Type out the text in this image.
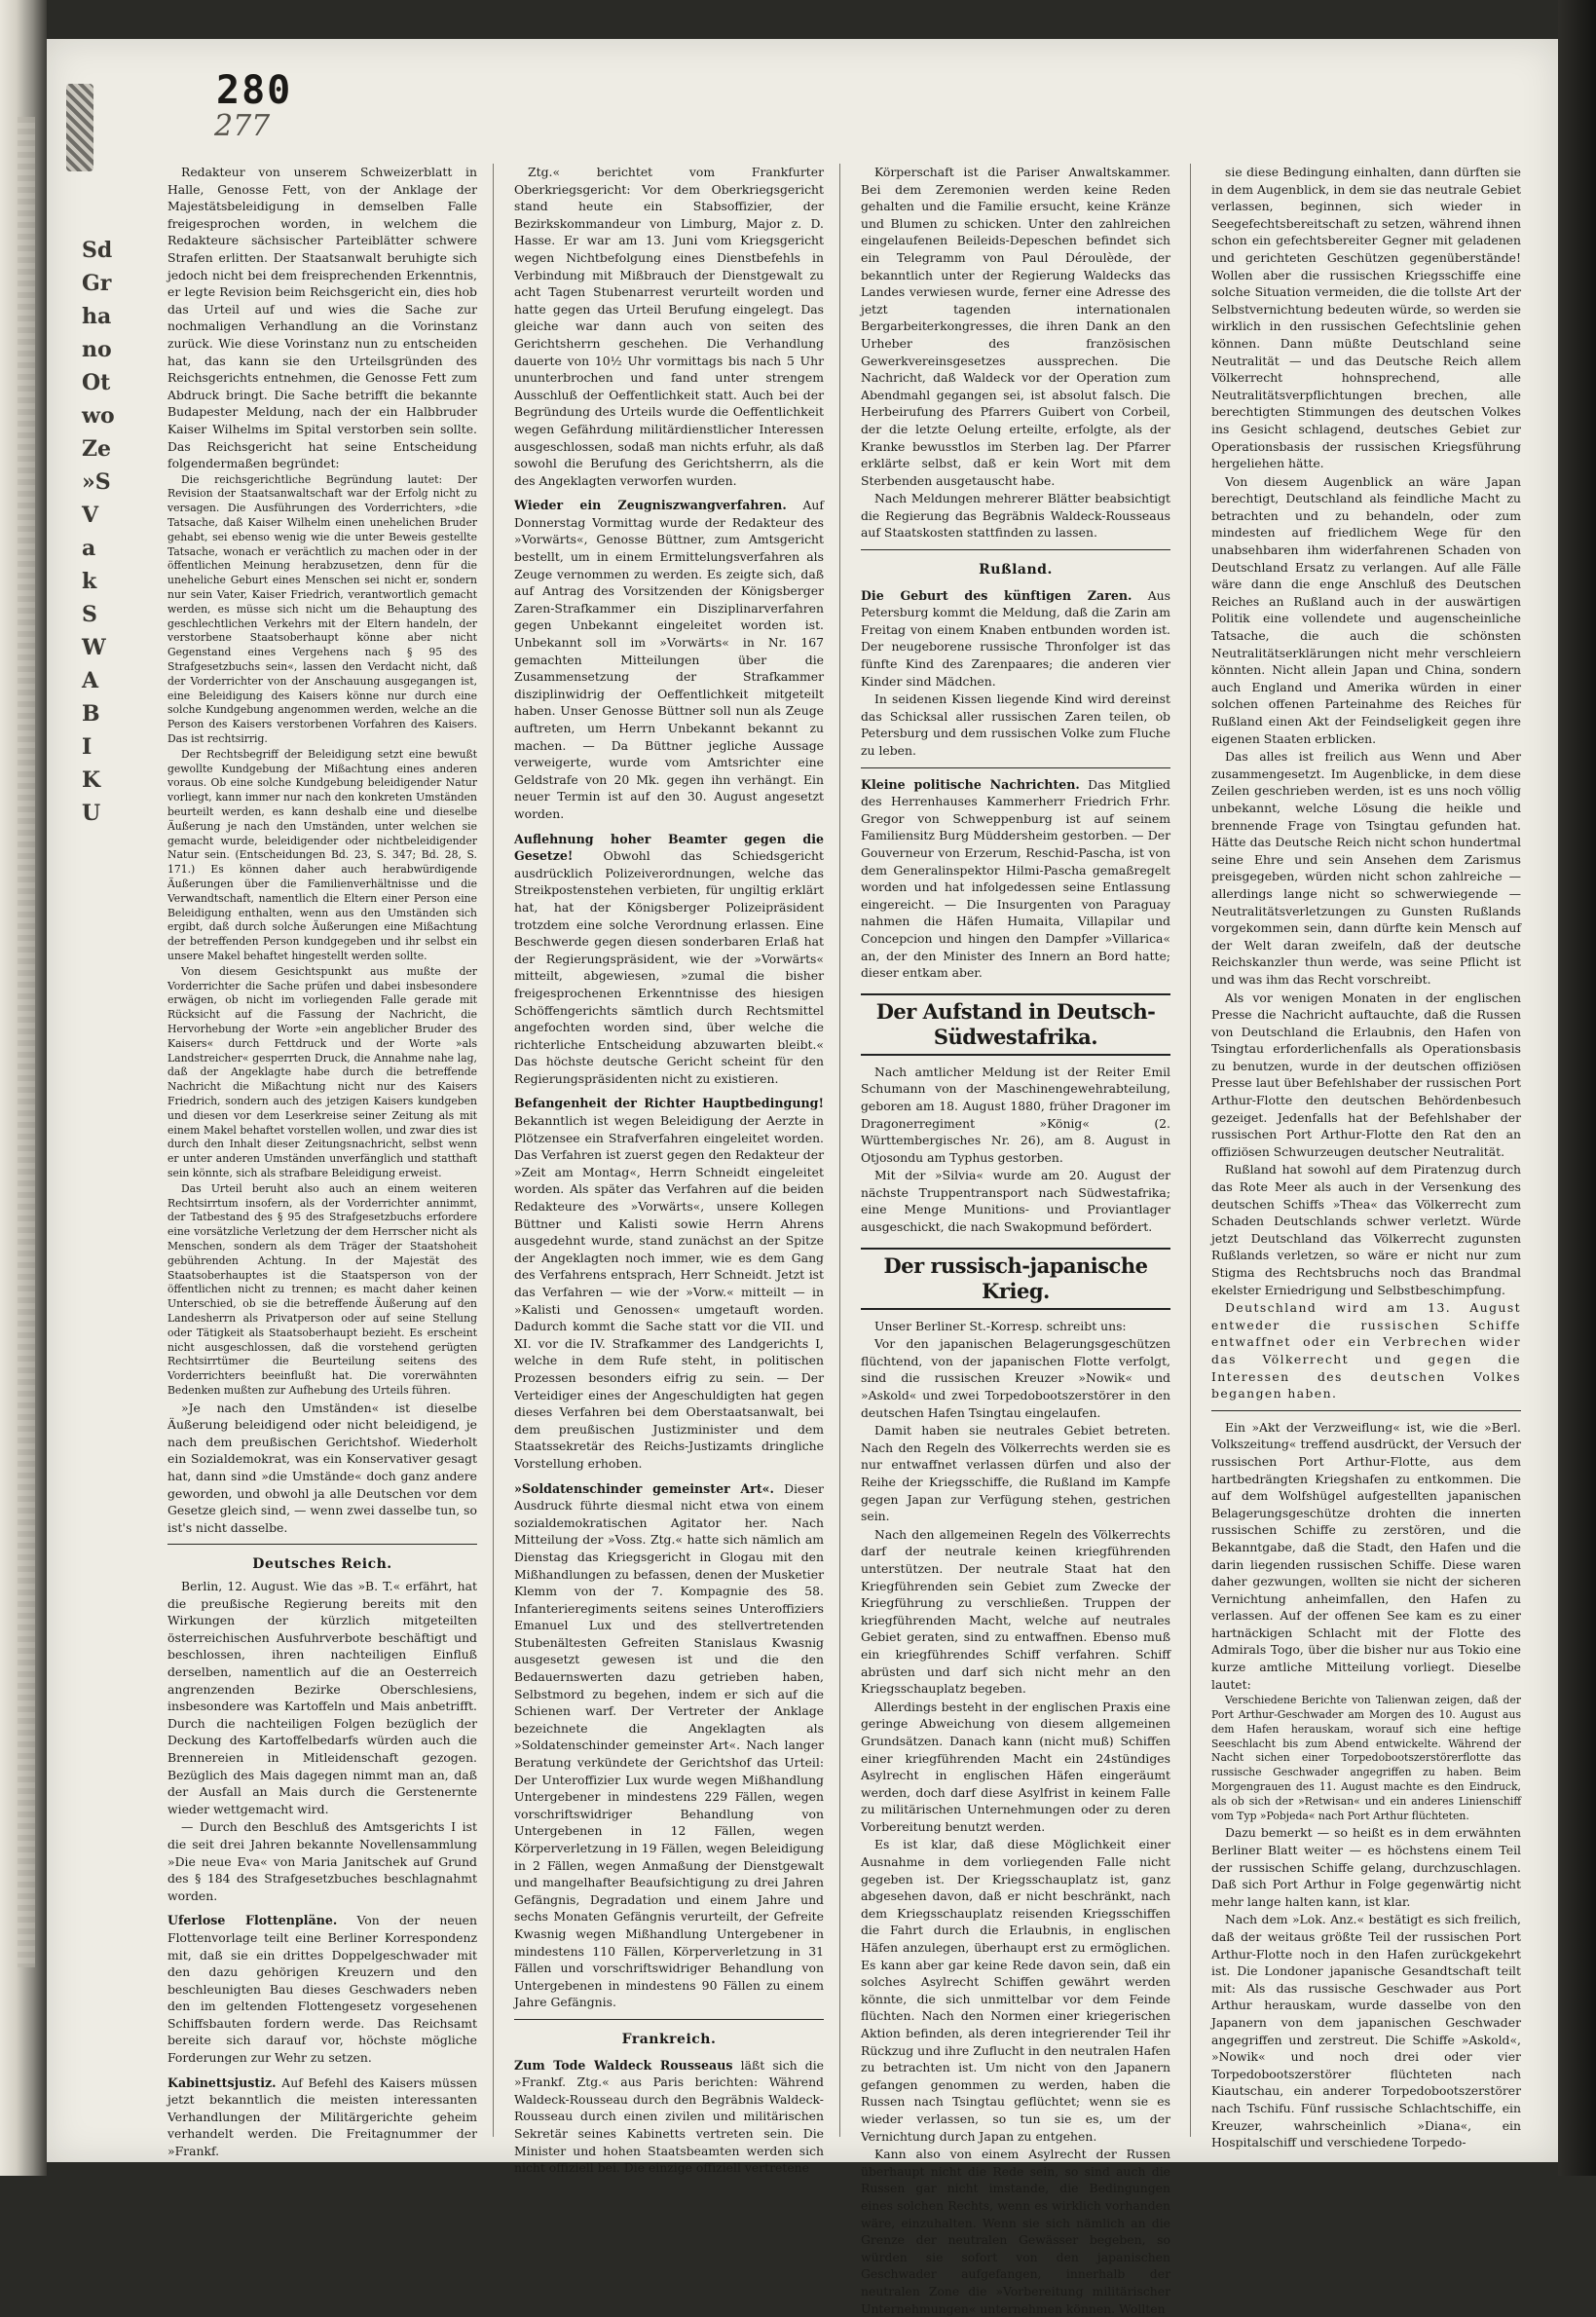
280
277
Sd
Gr
ha
no
Ot
wo
Ze
»S
V
a
k
S
W
A
B
I
K
U

Redakteur von unserem Schweizerblatt in Halle, Genosse Fett, von der Anklage der Majestätsbeleidigung in demselben Falle freigesprochen worden, in welchem die Redakteure sächsischer Parteiblätter schwere Strafen erlitten. Der Staatsanwalt beruhigte sich jedoch nicht bei dem freisprechenden Erkenntnis, er legte Revision beim Reichsgericht ein, dies hob das Urteil auf und wies die Sache zur nochmaligen Verhandlung an die Vorinstanz zurück. Wie diese Vorinstanz nun zu entscheiden hat, das kann sie den Urteilsgründen des Reichsgerichts entnehmen, die Genosse Fett zum Abdruck bringt. Die Sache betrifft die bekannte Budapester Meldung, nach der ein Halbbruder Kaiser Wilhelms im Spital verstorben sein sollte. Das Reichsgericht hat seine Entscheidung folgendermaßen begründet:

Die reichsgerichtliche Begründung lautet: Der Revision der Staatsanwaltschaft war der Erfolg nicht zu versagen. Die Ausführungen des Vorderrichters, »die Tatsache, daß Kaiser Wilhelm einen unehelichen Bruder gehabt, sei ebenso wenig wie die unter Beweis gestellte Tatsache, wonach er verächtlich zu machen oder in der öffentlichen Meinung herabzusetzen, denn für die uneheliche Geburt eines Menschen sei nicht er, sondern nur sein Vater, Kaiser Friedrich, verantwortlich gemacht werden, es müsse sich nicht um die Behauptung des geschlechtlichen Verkehrs mit der Eltern handeln, der verstorbene Staatsoberhaupt könne aber nicht Gegenstand eines Vergehens nach § 95 des Strafgesetzbuchs sein«, lassen den Verdacht nicht, daß der Vorderrichter von der Anschauung ausgegangen ist, eine Beleidigung des Kaisers könne nur durch eine solche Kundgebung angenommen werden, welche an die Person des Kaisers verstorbenen Vorfahren des Kaisers. Das ist rechtsirrig.

Der Rechtsbegriff der Beleidigung setzt eine bewußt gewollte Kundgebung der Mißachtung eines anderen voraus. Ob eine solche Kundgebung beleidigender Natur vorliegt, kann immer nur nach den konkreten Umständen beurteilt werden, es kann deshalb eine und dieselbe Äußerung je nach den Umständen, unter welchen sie gemacht wurde, beleidigender oder nichtbeleidigender Natur sein. (Entscheidungen Bd. 23, S. 347; Bd. 28, S. 171.) Es können daher auch herabwürdigende Äußerungen über die Familienverhältnisse und die Verwandtschaft, namentlich die Eltern einer Person eine Beleidigung enthalten, wenn aus den Umständen sich ergibt, daß durch solche Äußerungen eine Mißachtung der betreffenden Person kundgegeben und ihr selbst ein unsere Makel behaftet hingestellt werden sollte.

Von diesem Gesichtspunkt aus mußte der Vorderrichter die Sache prüfen und dabei insbesondere erwägen, ob nicht im vorliegenden Falle gerade mit Rücksicht auf die Fassung der Nachricht, die Hervorhebung der Worte »ein angeblicher Bruder des Kaisers« durch Fettdruck und der Worte »als Landstreicher« gesperrten Druck, die Annahme nahe lag, daß der Angeklagte habe durch die betreffende Nachricht die Mißachtung nicht nur des Kaisers Friedrich, sondern auch des jetzigen Kaisers kundgeben und diesen vor dem Leserkreise seiner Zeitung als mit einem Makel behaftet vorstellen wollen, und zwar dies ist durch den Inhalt dieser Zeitungsnachricht, selbst wenn er unter anderen Umständen unverfänglich und statthaft sein könnte, sich als strafbare Beleidigung erweist.

Das Urteil beruht also auch an einem weiteren Rechtsirrtum insofern, als der Vorderrichter annimmt, der Tatbestand des § 95 des Strafgesetzbuchs erfordere eine vorsätzliche Verletzung der dem Herrscher nicht als Menschen, sondern als dem Träger der Staatshoheit gebührenden Achtung. In der Majestät des Staatsoberhauptes ist die Staatsperson von der öffentlichen nicht zu trennen; es macht daher keinen Unterschied, ob sie die betreffende Äußerung auf den Landesherrn als Privatperson oder auf seine Stellung oder Tätigkeit als Staatsoberhaupt bezieht. Es erscheint nicht ausgeschlossen, daß die vorstehend gerügten Rechtsirrtümer die Beurteilung seitens des Vorderrichters beeinflußt hat. Die vorerwähnten Bedenken mußten zur Aufhebung des Urteils führen.

»Je nach den Umständen« ist dieselbe Äußerung beleidigend oder nicht beleidigend, je nach dem preußischen Gerichtshof. Wiederholt ein Sozialdemokrat, was ein Konservativer gesagt hat, dann sind »die Umstände« doch ganz andere geworden, und obwohl ja alle Deutschen vor dem Gesetze gleich sind, — wenn zwei dasselbe tun, so ist's nicht dasselbe.

Deutsches Reich.

Berlin, 12. August. Wie das »B. T.« erfährt, hat die preußische Regierung bereits mit den Wirkungen der kürzlich mitgeteilten österreichischen Ausfuhrverbote beschäftigt und beschlossen, ihren nachteiligen Einfluß derselben, namentlich auf die an Oesterreich angrenzenden Bezirke Oberschlesiens, insbesondere was Kartoffeln und Mais anbetrifft. Durch die nachteiligen Folgen bezüglich der Deckung des Kartoffelbedarfs würden auch die Brennereien in Mitleidenschaft gezogen. Bezüglich des Mais dagegen nimmt man an, daß der Ausfall an Mais durch die Gerstenernte wieder wettgemacht wird.

— Durch den Beschluß des Amtsgerichts I ist die seit drei Jahren bekannte Novellensammlung »Die neue Eva« von Maria Janitschek auf Grund des § 184 des Strafgesetzbuches beschlagnahmt worden.

Uferlose Flottenpläne. Von der neuen Flottenvorlage teilt eine Berliner Korrespondenz mit, daß sie ein drittes Doppelgeschwader mit den dazu gehörigen Kreuzern und den beschleunigten Bau dieses Geschwaders neben den im geltenden Flottengesetz vorgesehenen Schiffsbauten fordern werde. Das Reichsamt bereite sich darauf vor, höchste mögliche Forderungen zur Wehr zu setzen.

Kabinettsjustiz. Auf Befehl des Kaisers müssen jetzt bekanntlich die meisten interessanten Verhandlungen der Militärgerichte geheim verhandelt werden. Die Freitagnummer der »Frankf.

Ztg.« berichtet vom Frankfurter Oberkriegsgericht: Vor dem Oberkriegsgericht stand heute ein Stabsoffizier, der Bezirkskommandeur von Limburg, Major z. D. Hasse. Er war am 13. Juni vom Kriegsgericht wegen Nichtbefolgung eines Dienstbefehls in Verbindung mit Mißbrauch der Dienstgewalt zu acht Tagen Stubenarrest verurteilt worden und hatte gegen das Urteil Berufung eingelegt. Das gleiche war dann auch von seiten des Gerichtsherrn geschehen. Die Verhandlung dauerte von 10½ Uhr vormittags bis nach 5 Uhr ununterbrochen und fand unter strengem Ausschluß der Oeffentlichkeit statt. Auch bei der Begründung des Urteils wurde die Oeffentlichkeit wegen Gefährdung militärdienstlicher Interessen ausgeschlossen, sodaß man nichts erfuhr, als daß sowohl die Berufung des Gerichtsherrn, als die des Angeklagten verworfen wurden.

Wieder ein Zeugniszwangverfahren. Auf Donnerstag Vormittag wurde der Redakteur des »Vorwärts«, Genosse Büttner, zum Amtsgericht bestellt, um in einem Ermittelungsverfahren als Zeuge vernommen zu werden. Es zeigte sich, daß auf Antrag des Vorsitzenden der Königsberger Zaren-Strafkammer ein Disziplinarverfahren gegen Unbekannt eingeleitet worden ist. Unbekannt soll im »Vorwärts« in Nr. 167 gemachten Mitteilungen über die Zusammensetzung der Strafkammer disziplinwidrig der Oeffentlichkeit mitgeteilt haben. Unser Genosse Büttner soll nun als Zeuge auftreten, um Herrn Unbekannt bekannt zu machen. — Da Büttner jegliche Aussage verweigerte, wurde vom Amtsrichter eine Geldstrafe von 20 Mk. gegen ihn verhängt. Ein neuer Termin ist auf den 30. August angesetzt worden.

Auflehnung hoher Beamter gegen die Gesetze!	Obwohl das Schiedsgericht ausdrücklich Polizeiverordnungen, welche das Streikpostenstehen verbieten, für ungiltig erklärt hat, hat der Königsberger Polizeipräsident trotzdem eine solche Verordnung erlassen. Eine Beschwerde gegen diesen sonderbaren Erlaß hat der Regierungspräsident, wie der »Vorwärts« mitteilt, abgewiesen, »zumal die bisher freigesprochenen Erkenntnisse des hiesigen Schöffengerichts sämtlich durch Rechtsmittel angefochten worden sind, über welche die richterliche Entscheidung abzuwarten bleibt.« Das höchste deutsche Gericht scheint für den Regierungspräsidenten nicht zu existieren.

Befangenheit der Richter Hauptbedingung! Bekanntlich ist wegen Beleidigung der Aerzte in Plötzensee ein Strafverfahren eingeleitet worden. Das Verfahren ist zuerst gegen den Redakteur der »Zeit am Montag«, Herrn Schneidt eingeleitet worden. Als später das Verfahren auf die beiden Redakteure des »Vorwärts«, unsere Kollegen Büttner und Kalisti sowie Herrn Ahrens ausgedehnt wurde, stand zunächst an der Spitze der Angeklagten noch immer, wie es dem Gang des Verfahrens entsprach, Herr Schneidt. Jetzt ist das Verfahren — wie der »Vorw.« mitteilt — in »Kalisti und Genossen« umgetauft worden. Dadurch kommt die Sache statt vor die VII. und XI. vor die IV. Strafkammer des Landgerichts I, welche in dem Rufe steht, in politischen Prozessen besonders eifrig zu sein. — Der Verteidiger eines der Angeschuldigten hat gegen dieses Verfahren bei dem Oberstaatsanwalt, bei dem preußischen Justizminister und dem Staatssekretär des Reichs-Justizamts dringliche Vorstellung erhoben.

»Soldatenschinder gemeinster Art«. Dieser Ausdruck führte diesmal nicht etwa von einem sozialdemokratischen Agitator her. Nach Mitteilung der »Voss. Ztg.« hatte sich nämlich am Dienstag das Kriegsgericht in Glogau mit den Mißhandlungen zu befassen, denen der Musketier Klemm von der 7. Kompagnie des 58. Infanterieregiments seitens seines Unteroffiziers Emanuel Lux und des stellvertretenden Stubenältesten Gefreiten Stanislaus Kwasnig ausgesetzt gewesen ist und die den Bedauernswerten dazu getrieben haben, Selbstmord zu begehen, indem er sich auf die Schienen warf. Der Vertreter der Anklage bezeichnete die Angeklagten als »Soldatenschinder gemeinster Art«. Nach langer Beratung verkündete der Gerichtshof das Urteil: Der Unteroffizier Lux wurde wegen Mißhandlung Untergebener in mindestens 229 Fällen, wegen vorschriftswidriger Behandlung von Untergebenen in 12 Fällen, wegen Körperverletzung in 19 Fällen, wegen Beleidigung in 2 Fällen, wegen Anmaßung der Dienstgewalt und mangelhafter Beaufsichtigung zu drei Jahren Gefängnis, Degradation und einem Jahre und sechs Monaten Gefängnis verurteilt, der Gefreite Kwasnig wegen Mißhandlung Untergebener in mindestens 110 Fällen, Körperverletzung in 31 Fällen und vorschriftswidriger Behandlung von Untergebenen in mindestens 90 Fällen zu einem Jahre Gefängnis.

Frankreich.

Zum Tode Waldeck Rousseaus läßt sich die »Frankf. Ztg.« aus Paris berichten: Während Waldeck-Rousseau durch den Begräbnis Waldeck-Rousseau durch einen zivilen und militärischen Sekretär seines Kabinetts vertreten sein. Die Minister und hohen Staatsbeamten werden sich nicht offiziell bei. Die einzige offiziell vertretene

Körperschaft ist die Pariser Anwaltskammer. Bei dem Zeremonien werden keine Reden gehalten und die Familie ersucht, keine Kränze und Blumen zu schicken. Unter den zahlreichen eingelaufenen Beileids-Depeschen befindet sich ein Telegramm von Paul Déroulède, der bekanntlich unter der Regierung Waldecks das Landes verwiesen wurde, ferner eine Adresse des jetzt tagenden internationalen Bergarbeiterkongresses, die ihren Dank an den Urheber des französischen Gewerkvereinsgesetzes aussprechen. Die Nachricht, daß Waldeck vor der Operation zum Abendmahl gegangen sei, ist absolut falsch. Die Herbeirufung des Pfarrers Guibert von Corbeil, der die letzte Oelung erteilte, erfolgte, als der Kranke bewusstlos im Sterben lag. Der Pfarrer erklärte selbst, daß er kein Wort mit dem Sterbenden ausgetauscht habe.

Nach Meldungen mehrerer Blätter beabsichtigt die Regierung das Begräbnis Waldeck-Rousseaus auf Staatskosten stattfinden zu lassen.

Rußland.

Die Geburt des künftigen Zaren. Aus Petersburg kommt die Meldung, daß die Zarin am Freitag von einem Knaben entbunden worden ist. Der neugeborene russische Thronfolger ist das fünfte Kind des Zarenpaares; die anderen vier Kinder sind Mädchen.

In seidenen Kissen liegende Kind wird dereinst das Schicksal aller russischen Zaren teilen, ob Petersburg und dem russischen Volke zum Fluche zu leben.

Kleine politische Nachrichten. Das Mitglied des Herrenhauses Kammerherr Friedrich Frhr. Gregor von Schweppenburg ist auf seinem Familiensitz Burg Müddersheim gestorben. — Der Gouverneur von Erzerum, Reschid-Pascha, ist von dem Generalinspektor Hilmi-Pascha gemaßregelt worden und hat infolgedessen seine Entlassung eingereicht. — Die Insurgenten von Paraguay nahmen die Häfen Humaita, Villapilar und Concepcion und hingen den Dampfer »Villarica« an, der den Minister des Innern an Bord hatte; dieser entkam aber.

Der Aufstand in Deutsch-Südwestafrika.

Nach amtlicher Meldung ist der Reiter Emil Schumann von der Maschinengewehrabteilung, geboren am 18. August 1880, früher Dragoner im Dragonerregiment »König« (2. Württembergisches Nr. 26), am 8. August in Otjosondu am Typhus gestorben.

Mit der »Silvia« wurde am 20. August der nächste Truppentransport nach Südwestafrika; eine Menge Munitions- und Proviantlager ausgeschickt, die nach Swakopmund befördert.

Der russisch-japanische Krieg.

Unser Berliner St.-Korresp. schreibt uns:

Vor den japanischen Belagerungsgeschützen flüchtend, von der japanischen Flotte verfolgt, sind die russischen Kreuzer »Nowik« und »Askold« und zwei Torpedobootszerstörer in den deutschen Hafen Tsingtau eingelaufen.

Damit haben sie neutrales Gebiet betreten. Nach den Regeln des Völkerrechts werden sie es nur entwaffnet verlassen dürfen und also der Reihe der Kriegsschiffe, die Rußland im Kampfe gegen Japan zur Verfügung stehen, gestrichen sein.

Nach den allgemeinen Regeln des Völkerrechts darf der neutrale keinen kriegführenden unterstützen. Der neutrale Staat hat den Kriegführenden sein Gebiet zum Zwecke der Kriegführung zu verschließen. Truppen der kriegführenden Macht, welche auf neutrales Gebiet geraten, sind zu entwaffnen. Ebenso muß ein kriegführendes Schiff verfahren. Schiff abrüsten und darf sich nicht mehr an den Kriegsschauplatz begeben.

Allerdings besteht in der englischen Praxis eine geringe Abweichung von diesem allgemeinen Grundsätzen. Danach kann (nicht muß) Schiffen einer kriegführenden Macht ein 24stündiges Asylrecht in englischen Häfen eingeräumt werden, doch darf diese Asylfrist in keinem Falle zu militärischen Unternehmungen oder zu deren Vorbereitung benutzt werden.

Es ist klar, daß diese Möglichkeit einer Ausnahme in dem vorliegenden Falle nicht gegeben ist. Der Kriegsschauplatz ist, ganz abgesehen davon, daß er nicht beschränkt, nach dem Kriegsschauplatz reisenden Kriegsschiffen die Fahrt durch die Erlaubnis, in englischen Häfen anzulegen, überhaupt erst zu ermöglichen. Es kann aber gar keine Rede davon sein, daß ein solches Asylrecht Schiffen gewährt werden könnte, die sich unmittelbar vor dem Feinde flüchten. Nach den Normen einer kriegerischen Aktion befinden, als deren integrierender Teil ihr Rückzug und ihre Zuflucht in den neutralen Hafen zu betrachten ist. Um nicht von den Japanern gefangen genommen zu werden, haben die Russen nach Tsingtau geflüchtet; wenn sie es wieder verlassen, so tun sie es, um der Vernichtung durch Japan zu entgehen.

Kann also von einem Asylrecht der Russen überhaupt nicht die Rede sein, so sind auch die Russen gar nicht imstande, die Bedingungen eines solchen Rechts, wenn es wirklich vorhanden wäre, einzuhalten. Wenn sie sich nämlich an die Grenze der neutralen Gewässer begeben, so würden sie sofort von den japanischen Geschwader aufgefangen, innerhalb der neutralen Zone die »Vorbereitung militärischer Unternehmungen« unternehmen können. Wollten

sie diese Bedingung einhalten, dann dürften sie in dem Augenblick, in dem sie das neutrale Gebiet verlassen, beginnen, sich wieder in Seegefechtsbereitschaft zu setzen, während ihnen schon ein gefechtsbereiter Gegner mit geladenen und gerichteten Geschützen gegenüberstände! Wollen aber die russischen Kriegsschiffe eine solche Situation vermeiden, die die tollste Art der Selbstvernichtung bedeuten würde, so werden sie wirklich in den russischen Gefechtslinie gehen können. Dann müßte Deutschland seine Neutralität — und das Deutsche Reich allem Völkerrecht hohnsprechend, alle Neutralitätsverpflichtungen brechen, alle berechtigten Stimmungen des deutschen Volkes ins Gesicht schlagend, deutsches Gebiet zur Operationsbasis der russischen Kriegsführung hergeliehen hätte.

Von diesem Augenblick an wäre Japan berechtigt, Deutschland als feindliche Macht zu betrachten und zu behandeln, oder zum mindesten auf friedlichem Wege für den unabsehbaren ihm widerfahrenen Schaden von Deutschland Ersatz zu verlangen. Auf alle Fälle wäre dann die enge Anschluß des Deutschen Reiches an Rußland auch in der auswärtigen Politik eine vollendete und augenscheinliche Tatsache, die auch die schönsten Neutralitätserklärungen nicht mehr verschleiern könnten. Nicht allein Japan und China, sondern auch England und Amerika würden in einer solchen offenen Parteinahme des Reiches für Rußland einen Akt der Feindseligkeit gegen ihre eigenen Staaten erblicken.

Das alles ist freilich aus Wenn und Aber zusammengesetzt. Im Augenblicke, in dem diese Zeilen geschrieben werden, ist es uns noch völlig unbekannt, welche Lösung die heikle und brennende Frage von Tsingtau gefunden hat. Hätte das Deutsche Reich nicht schon hundertmal seine Ehre und sein Ansehen dem Zarismus preisgegeben, würden nicht schon zahlreiche — allerdings lange nicht so schwerwiegende — Neutralitätsverletzungen zu Gunsten Rußlands vorgekommen sein, dann dürfte kein Mensch auf der Welt daran zweifeln, daß der deutsche Reichskanzler thun werde, was seine Pflicht ist und was ihm das Recht vorschreibt.

Als vor wenigen Monaten in der englischen Presse die Nachricht auftauchte, daß die Russen von Deutschland die Erlaubnis, den Hafen von Tsingtau erforderlichenfalls als Operationsbasis zu benutzen, wurde in der deutschen offiziösen Presse laut über Befehlshaber der russischen Port Arthur-Flotte den deutschen Behördenbesuch gezeiget. Jedenfalls hat der Befehlshaber der russischen Port Arthur-Flotte den Rat den an offiziösen Schwurzeugen deutscher Neutralität.

Rußland hat sowohl auf dem Piratenzug durch das Rote Meer als auch in der Versenkung des deutschen Schiffs »Thea« das Völkerrecht zum Schaden Deutschlands schwer verletzt. Würde jetzt Deutschland das Völkerrecht zugunsten Rußlands verletzen, so wäre er nicht nur zum Stigma des Rechtsbruchs noch das Brandmal ekelster Erniedrigung und Selbstbeschimpfung.

Deutschland wird am 13. August entweder die russischen Schiffe entwaffnet oder ein Verbrechen wider das Völkerrecht und gegen die Interessen des deutschen Volkes begangen haben.

Ein »Akt der Verzweiflung« ist, wie die »Berl. Volkszeitung« treffend ausdrückt, der Versuch der russischen Port Arthur-Flotte, aus dem hartbedrängten Kriegshafen zu entkommen. Die auf dem Wolfshügel aufgestellten japanischen Belagerungsgeschütze drohten die innerten russischen Schiffe zu zerstören, und die Bekanntgabe, daß die Stadt, den Hafen und die darin liegenden russischen Schiffe. Diese waren daher gezwungen, wollten sie nicht der sicheren Vernichtung anheimfallen, den Hafen zu verlassen. Auf der offenen See kam es zu einer hartnäckigen Schlacht mit der Flotte des Admirals Togo, über die bisher nur aus Tokio eine kurze amtliche Mitteilung vorliegt. Dieselbe lautet:

Verschiedene Berichte von Talienwan zeigen, daß der Port Arthur-Geschwader am Morgen des 10. August aus dem Hafen herauskam, worauf sich eine heftige Seeschlacht bis zum Abend entwickelte. Während der Nacht sichen einer Torpedobootszerstörerflotte das russische Geschwader angegriffen zu haben. Beim Morgengrauen des 11. August machte es den Eindruck, als ob sich der »Retwisan« und ein anderes Linienschiff vom Typ »Pobjeda« nach Port Arthur flüchteten.

Dazu bemerkt — so heißt es in dem erwähnten Berliner Blatt weiter — es höchstens einem Teil der russischen Schiffe gelang, durchzuschlagen. Daß sich Port Arthur in Folge gegenwärtig nicht mehr lange halten kann, ist klar.

Nach dem »Lok. Anz.« bestätigt es sich freilich, daß der weitaus größte Teil der russischen Port Arthur-Flotte noch in den Hafen zurückgekehrt ist. Die Londoner japanische Gesandtschaft teilt mit: Als das russische Geschwader aus Port Arthur herauskam, wurde dasselbe von den Japanern von dem japanischen Geschwader angegriffen und zerstreut. Die Schiffe »Askold«, »Nowik« und noch drei oder vier Torpedobootszerstörer flüchteten nach Kiautschau, ein anderer Torpedobootszerstörer nach Tschifu. Fünf russische Schlachtschiffe, ein Kreuzer, wahrscheinlich »Diana«, ein Hospitalschiff und verschiedene Torpedo-
